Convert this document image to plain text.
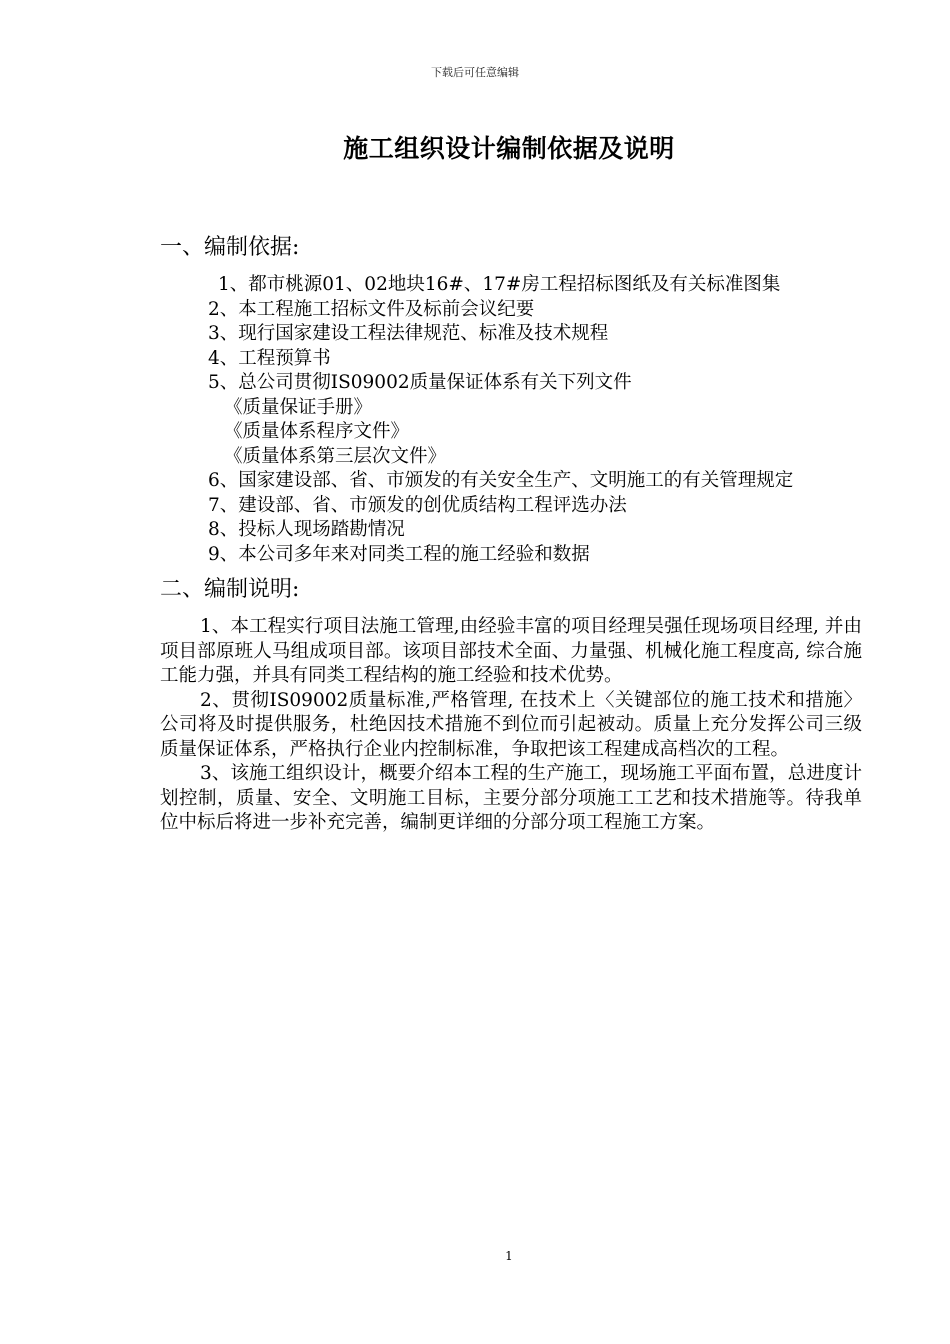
下载后可任意编辑
施工组织设计编制依据及说明

一、编制依据:

1、都市桃源01、02地块16#、17#房工程招标图纸及有关标准图集

2、本工程施工招标文件及标前会议纪要

3、现行国家建设工程法律规范、标准及技术规程

4、工程预算书

5、总公司贯彻IS09002质量保证体系有关下列文件

《质量保证手册》

《质量体系程序文件》

《质量体系第三层次文件》

6、国家建设部、省、市颁发的有关安全生产、文明施工的有关管理规定

7、建设部、省、市颁发的创优质结构工程评选办法

8、投标人现场踏勘情况

9、本公司多年来对同类工程的施工经验和数据

二、编制说明:

1、本工程实行项目法施工管理,由经验丰富的项目经理吴强任现场项目经理, 并由项目部原班人马组成项目部。该项目部技术全面、力量强、机械化施工程度高, 综合施工能力强，并具有同类工程结构的施工经验和技术优势。

2、贯彻IS09002质量标准,严格管理, 在技术上〈关键部位的施工技术和措施〉公司将及时提供服务，杜绝因技术措施不到位而引起被动。质量上充分发挥公司三级质量保证体系，严格执行企业内控制标准，争取把该工程建成高档次的工程。

3、该施工组织设计，概要介绍本工程的生产施工，现场施工平面布置，总进度计划控制，质量、安全、文明施工目标，主要分部分项施工工艺和技术措施等。待我单位中标后将进一步补充完善，编制更详细的分部分项工程施工方案。

1
